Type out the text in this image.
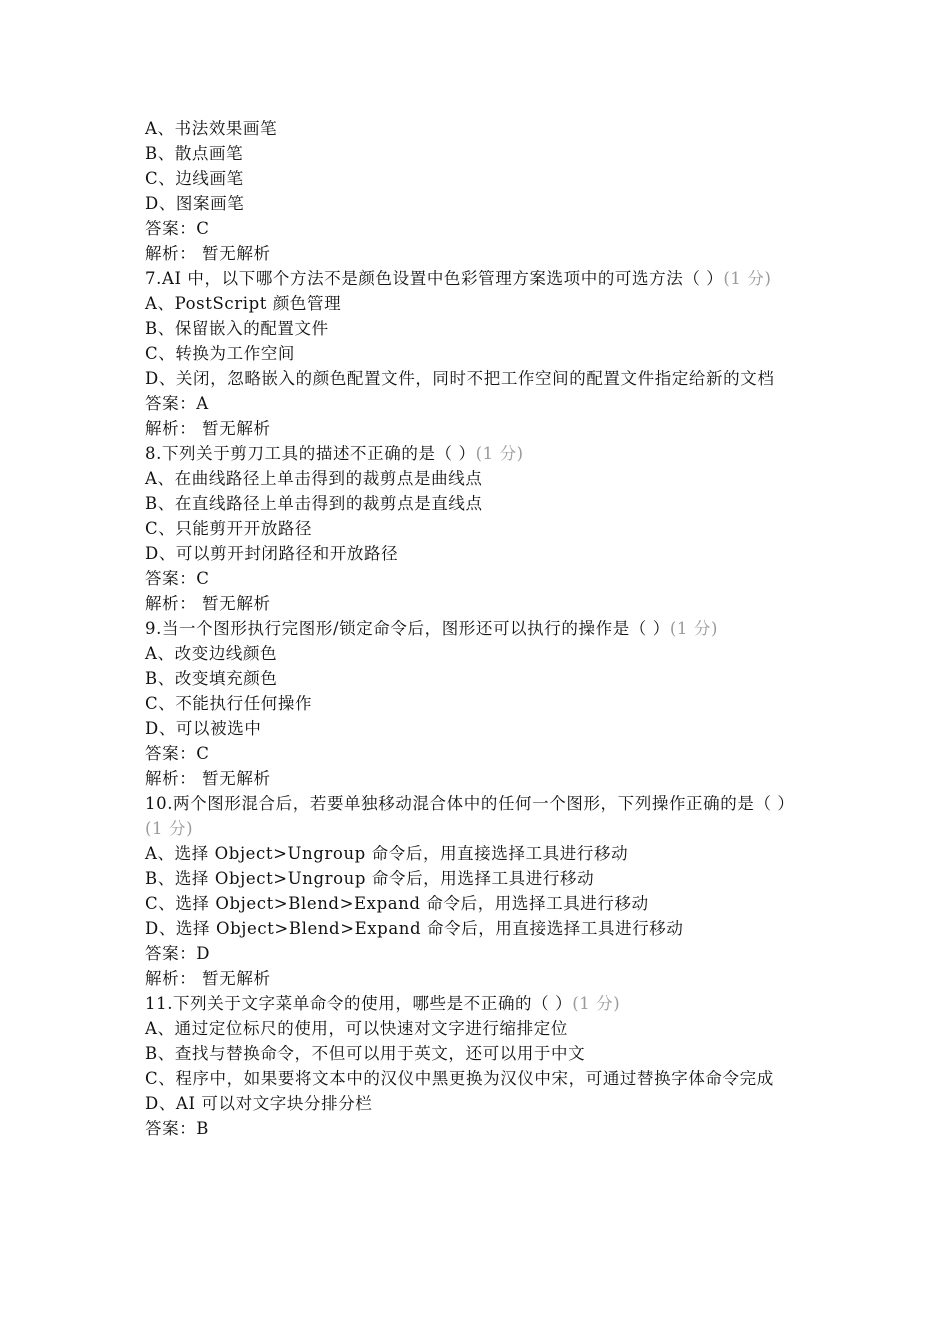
A、书法效果画笔
B、散点画笔
C、边线画笔
D、图案画笔
答案：C
解析： 暂无解析
7.AI 中，以下哪个方法不是颜色设置中色彩管理方案选项中的可选方法（ ）(1 分)
A、PostScript 颜色管理
B、保留嵌入的配置文件
C、转换为工作空间
D、关闭，忽略嵌入的颜色配置文件，同时不把工作空间的配置文件指定给新的文档
答案：A
解析： 暂无解析
8.下列关于剪刀工具的描述不正确的是（ ）(1 分)
A、在曲线路径上单击得到的裁剪点是曲线点
B、在直线路径上单击得到的裁剪点是直线点
C、只能剪开开放路径
D、可以剪开封闭路径和开放路径
答案：C
解析： 暂无解析
9.当一个图形执行完图形/锁定命令后，图形还可以执行的操作是（ ）(1 分)
A、改变边线颜色
B、改变填充颜色
C、不能执行任何操作
D、可以被选中
答案：C
解析： 暂无解析
10.两个图形混合后，若要单独移动混合体中的任何一个图形，下列操作正确的是（ ）(1 分)
A、选择 Object>Ungroup 命令后，用直接选择工具进行移动
B、选择 Object>Ungroup 命令后，用选择工具进行移动
C、选择 Object>Blend>Expand 命令后，用选择工具进行移动
D、选择 Object>Blend>Expand 命令后，用直接选择工具进行移动
答案：D
解析： 暂无解析
11.下列关于文字菜单命令的使用，哪些是不正确的（ ）(1 分)
A、通过定位标尺的使用，可以快速对文字进行缩排定位
B、查找与替换命令，不但可以用于英文，还可以用于中文
C、程序中，如果要将文本中的汉仪中黑更换为汉仪中宋，可通过替换字体命令完成
D、AI 可以对文字块分排分栏
答案：B
